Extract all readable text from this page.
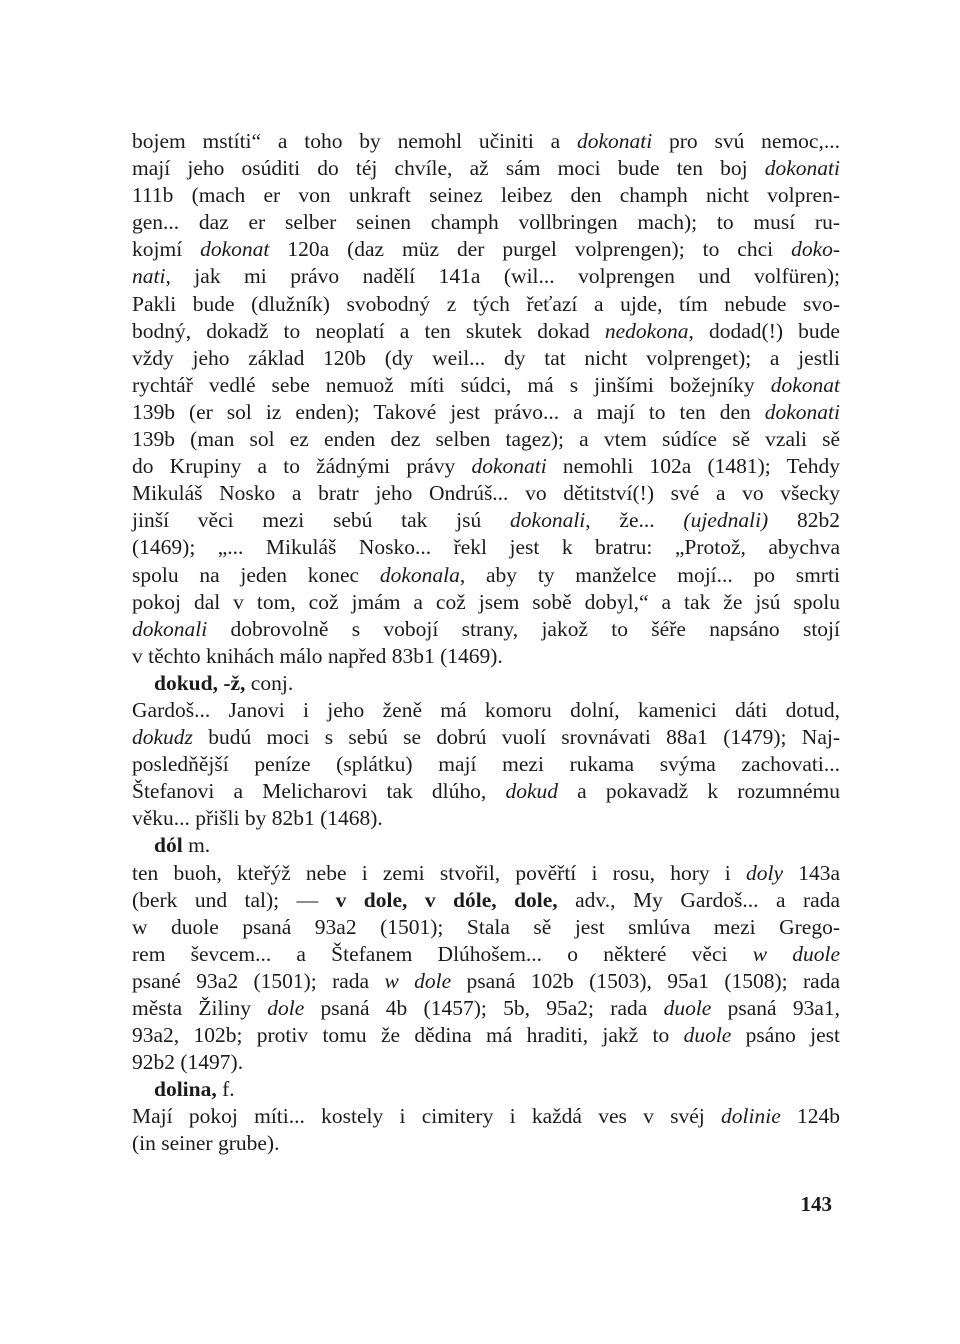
bojem mstíti“ a toho by nemohl učiniti a dokonati pro svú nemoc,...
mají jeho osúditi do téj chvíle, až sám moci bude ten boj dokonati
111b (mach er von unkraft seinez leibez den champh nicht volpren-
gen... daz er selber seinen champh vollbringen mach); to musí ru-
kojmí dokonat 120a (daz müz der purgel volprengen); to chci doko-
nati, jak mi právo nadělí 141a (wil... volprengen und volfüren);
Pakli bude (dlužník) svobodný z tých řeťazí a ujde, tím nebude svo-
bodný, dokadž to neoplatí a ten skutek dokad nedokona, dodad(!) bude
vždy jeho základ 120b (dy weil... dy tat nicht volprenget); a jestli
rychtář vedlé sebe nemuož míti súdci, má s jinšími božejníky dokonat
139b (er sol iz enden); Takové jest právo... a mají to ten den dokonati
139b (man sol ez enden dez selben tagez); a vtem súdíce sě vzali sě
do Krupiny a to žádnými právy dokonati nemohli 102a (1481); Tehdy
Mikuláš Nosko a bratr jeho Ondrúš... vo dětitství(!) své a vo všecky
jinší věci mezi sebú tak jsú dokonali, že... (ujednali) 82b2
(1469); „... Mikuláš Nosko... řekl jest k bratru: „Protož, abychva
spolu na jeden konec dokonala, aby ty manželce mojí... po smrti
pokoj dal v tom, což jmám a což jsem sobě dobyl,“ a tak že jsú spolu
dokonali dobrovolně s vobojí strany, jakož to šéře napsáno stojí
v těchto knihách málo napřed 83b1 (1469).
dokud, -ž, conj.
Gardoš... Janovi i jeho ženě má komoru dolní, kamenici dáti dotud,
dokudz budú moci s sebú se dobrú vuolí srovnávati 88a1 (1479); Naj-
posledňější peníze (splátku) mají mezi rukama svýma zachovati...
Štefanovi a Melicharovi tak dlúho, dokud a pokavadž k rozumnému
věku... přišli by 82b1 (1468).
dól m.
ten buoh, kteřýž nebe i zemi stvořil, pověřtí i rosu, hory i doly 143a
(berk und tal); — v dole, v dóle, dole, adv., My Gardoš... a rada
w duole psaná 93a2 (1501); Stala sě jest smlúva mezi Grego-
rem ševcem... a Štefanem Dlúhošem... o některé věci w duole
psané 93a2 (1501); rada w dole psaná 102b (1503), 95a1 (1508); rada
města Žiliny dole psaná 4b (1457); 5b, 95a2; rada duole psaná 93a1,
93a2, 102b; protiv tomu že dědina má hraditi, jakž to duole psáno jest
92b2 (1497).
dolina, f.
Mají pokoj míti... kostely i cimitery i každá ves v svéj dolinie 124b
(in seiner grube).
143
